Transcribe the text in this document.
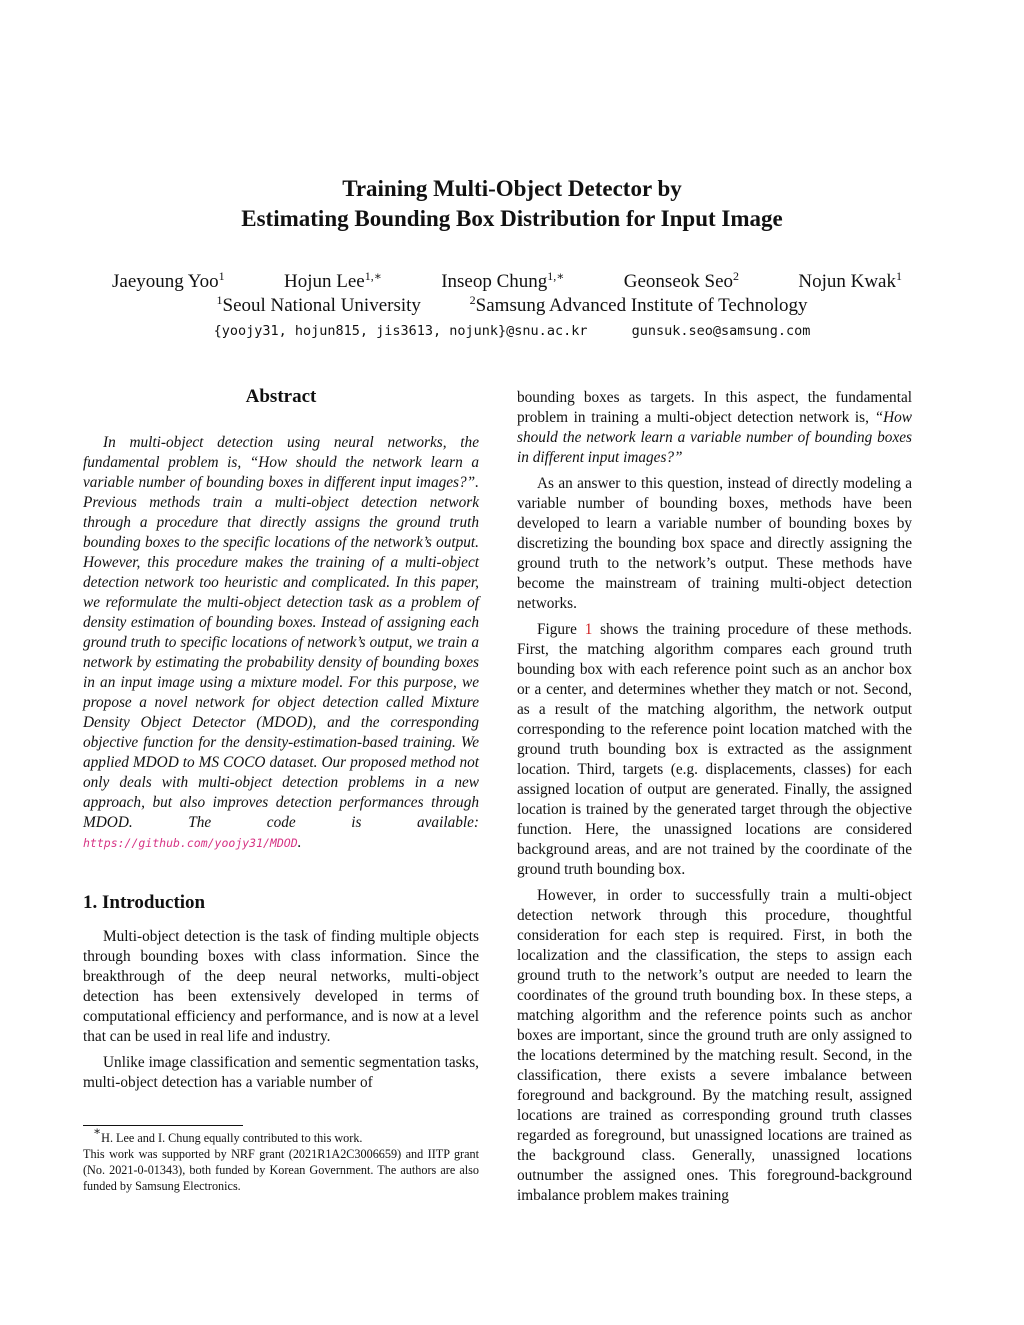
Training Multi-Object Detector by
Estimating Bounding Box Distribution for Input Image
Jaeyoung Yoo$^1$	Hojun Lee$^{1,∗}$	Inseop Chung$^{1,∗}$	Geonseok Seo$^2$	Nojun Kwak$^1$
$^1$Seoul National University	$^2$Samsung Advanced Institute of Technology
{yoojy31, hojun815, jis3613, nojunk}@snu.ac.kr	gunsuk.seo@samsung.com
Abstract

In multi-object detection using neural networks, the fundamental problem is, “How should the network learn a variable number of bounding boxes in different input images?”. Previous methods train a multi-object detection network through a procedure that directly assigns the ground truth bounding boxes to the specific locations of the network’s output. However, this procedure makes the training of a multi-object detection network too heuristic and complicated. In this paper, we reformulate the multi-object detection task as a problem of density estimation of bounding boxes. Instead of assigning each ground truth to specific locations of network’s output, we train a network by estimating the probability density of bounding boxes in an input image using a mixture model. For this purpose, we propose a novel network for object detection called Mixture Density Object Detector (MDOD), and the corresponding objective function for the density-estimation-based training. We applied MDOD to MS COCO dataset. Our proposed method not only deals with multi-object detection problems in a new approach, but also improves detection performances through MDOD. The code is available: https://github.com/yoojy31/MDOD.

1. Introduction

Multi-object detection is the task of finding multiple objects through bounding boxes with class information. Since the breakthrough of the deep neural networks, multi-object detection has been extensively developed in terms of computational efficiency and performance, and is now at a level that can be used in real life and industry.

Unlike image classification and sementic segmentation tasks, multi-object detection has a variable number of

∗H. Lee and I. Chung equally contributed to this work.
This work was supported by NRF grant (2021R1A2C3006659) and IITP grant (No. 2021-0-01343), both funded by Korean Government. The authors are also funded by Samsung Electronics.

bounding boxes as targets. In this aspect, the fundamental problem in training a multi-object detection network is, “How should the network learn a variable number of bounding boxes in different input images?”

As an answer to this question, instead of directly modeling a variable number of bounding boxes, methods have been developed to learn a variable number of bounding boxes by discretizing the bounding box space and directly assigning the ground truth to the network’s output. These methods have become the mainstream of training multi-object detection networks.

Figure 1 shows the training procedure of these methods. First, the matching algorithm compares each ground truth bounding box with each reference point such as an anchor box or a center, and determines whether they match or not. Second, as a result of the matching algorithm, the network output corresponding to the reference point location matched with the ground truth bounding box is extracted as the assignment location. Third, targets (e.g. displacements, classes) for each assigned location of output are generated. Finally, the assigned location is trained by the generated target through the objective function. Here, the unassigned locations are considered background areas, and are not trained by the coordinate of the ground truth bounding box.

However, in order to successfully train a multi-object detection network through this procedure, thoughtful consideration for each step is required. First, in both the localization and the classification, the steps to assign each ground truth to the network’s output are needed to learn the coordinates of the ground truth bounding box. In these steps, a matching algorithm and the reference points such as anchor boxes are important, since the ground truth are only assigned to the locations determined by the matching result. Second, in the classification, there exists a severe imbalance between foreground and background. By the matching result, assigned locations are trained as corresponding ground truth classes regarded as foreground, but unassigned locations are trained as the background class. Generally, unassigned locations outnumber the assigned ones. This foreground-background imbalance problem makes training
